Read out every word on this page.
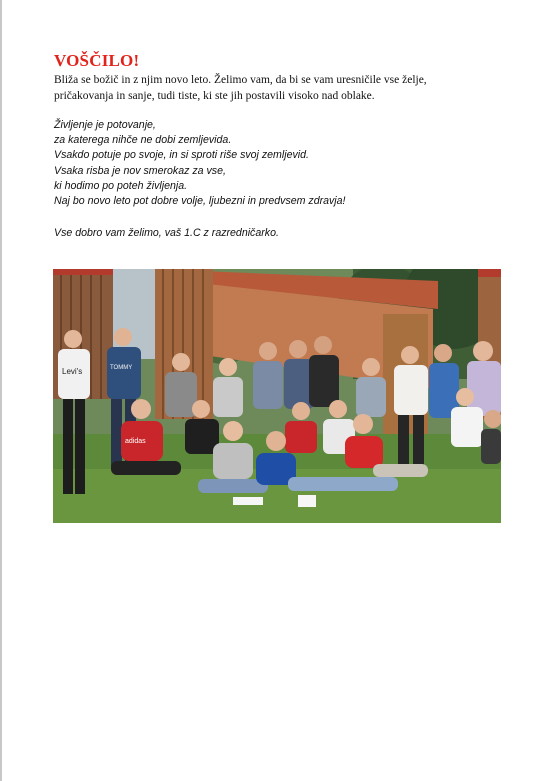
VOŠČILO!

Bliža se božič in z njim novo leto. Želimo vam, da bi se vam uresničile vse želje,
pričakovanja in sanje, tudi tiste, ki ste jih postavili visoko nad oblake.

Življenje je potovanje,
za katerega nihče ne dobi zemljevida.
Vsakdo potuje po svoje, in si sproti riše svoj zemljevid.
Vsaka risba je nov smerokaz za vse,
ki hodimo po poteh življenja.
Naj bo novo leto pot dobre volje, ljubezni in predvsem zdravja!

Vse dobro vam želimo, vaš 1.C z razredničarko.

Levi's	TOMMY
adidas
